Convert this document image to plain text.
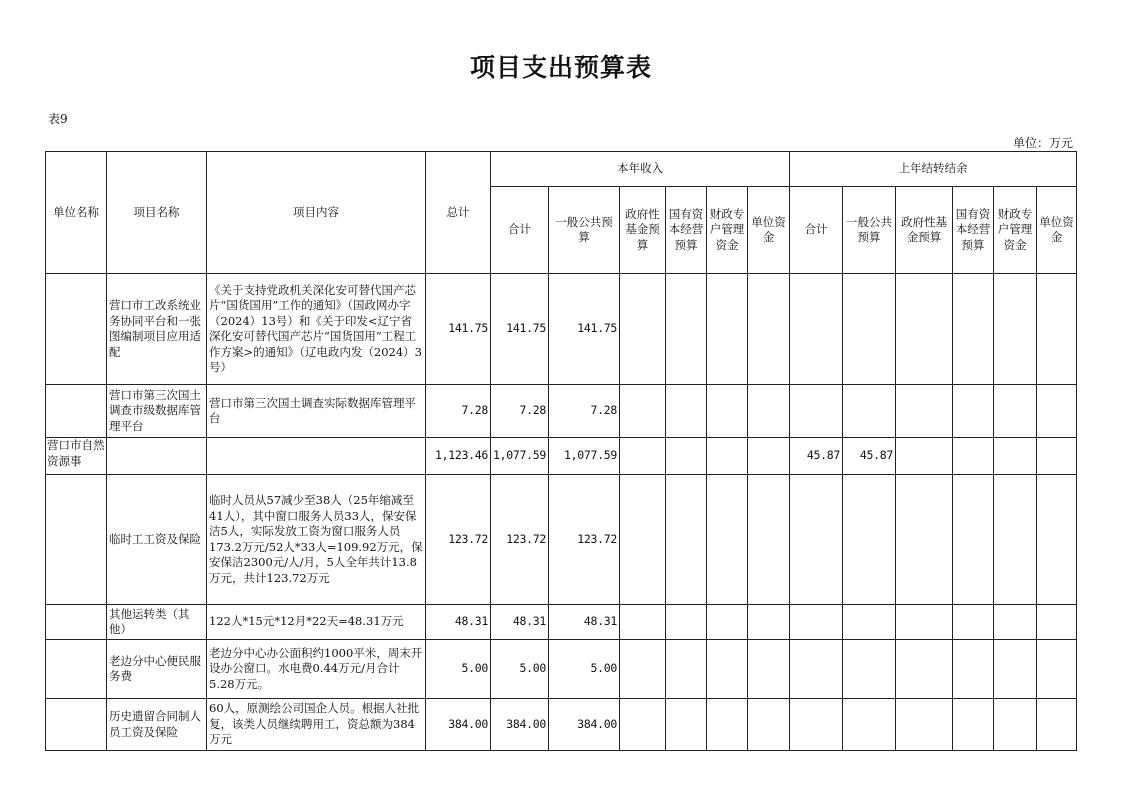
项目支出预算表
表9
单位：万元
单位名称	项目名称	项目内容	总计	本年收入						上年结转结余					
				合计	一般公共预算	政府性基金预算	国有资本经营预算	财政专户管理资金	单位资金	合计	一般公共预算	政府性基金预算	国有资本经营预算	财政专户管理资金	单位资金
	营口市工改系统业务协同平台和一张图编制项目应用适配	《关于支持党政机关深化安可替代国产芯片“国货国用”工作的通知》（国政网办字（2024）13号）和《关于印发<辽宁省深化安可替代国产芯片“国货国用”工程工作方案>的通知》（辽电政内发（2024）3号）	141.75	141.75	141.75										
	营口市第三次国土调查市级数据库管理平台	营口市第三次国土调查实际数据库管理平台	7.28	7.28	7.28										
营口市自然资源事			1,123.46	1,077.59	1,077.59					45.87	45.87				
	临时工工资及保险	临时人员从57减少至38人（25年缩减至41人），其中窗口服务人员33人，保安保洁5人，实际发放工资为窗口服务人员173.2万元/52人*33人=109.92万元，保安保洁2300元/人/月，5人全年共计13.8万元，共计123.72万元	123.72	123.72	123.72										
	其他运转类（其他）	122人*15元*12月*22天=48.31万元	48.31	48.31	48.31										
	老边分中心便民服务费	老边分中心办公面积约1000平米，周末开设办公窗口。水电费0.44万元/月合计5.28万元。	5.00	5.00	5.00										
	历史遗留合同制人员工资及保险	60人，原测绘公司国企人员。根据人社批复，该类人员继续聘用工，资总额为384万元	384.00	384.00	384.00										
